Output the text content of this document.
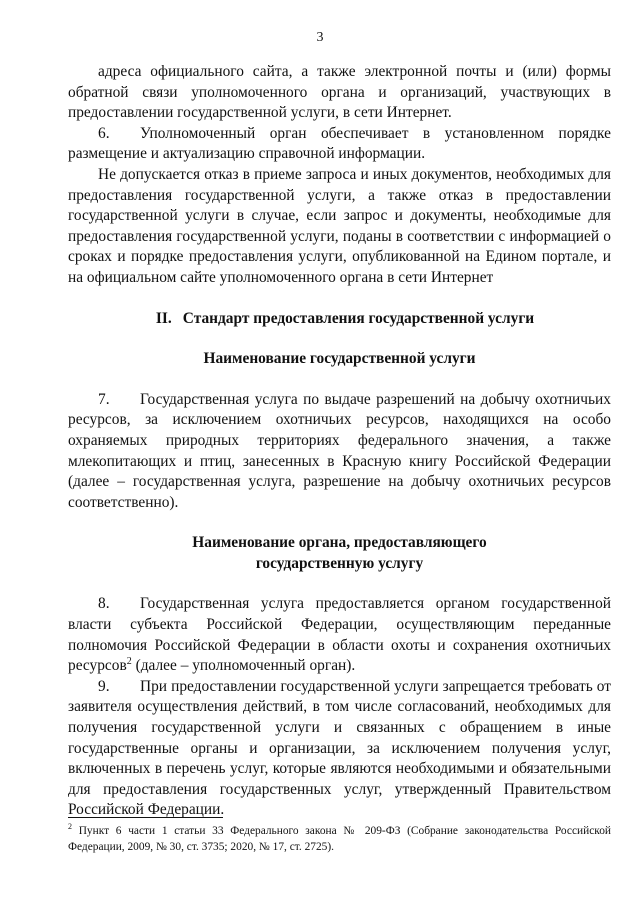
3

адреса официального сайта, а также электронной почты и (или) формы обратной связи уполномоченного органа и организаций, участвующих в предоставлении государственной услуги, в сети Интернет.

6. Уполномоченный орган обеспечивает в установленном порядке размещение и актуализацию справочной информации.

Не допускается отказ в приеме запроса и иных документов, необходимых для предоставления государственной услуги, а также отказ в предоставлении государственной услуги в случае, если запрос и документы, необходимые для предоставления государственной услуги, поданы в соответствии с информацией о сроках и порядке предоставления услуги, опубликованной на Едином портале, и на официальном сайте уполномоченного органа в сети Интернет

II. Стандарт предоставления государственной услуги

Наименование государственной услуги

7. Государственная услуга по выдаче разрешений на добычу охотничьих ресурсов, за исключением охотничьих ресурсов, находящихся на особо охраняемых природных территориях федерального значения, а также млекопитающих и птиц, занесенных в Красную книгу Российской Федерации (далее – государственная услуга, разрешение на добычу охотничьих ресурсов соответственно).

Наименование органа, предоставляющего

государственную услугу

8. Государственная услуга предоставляется органом государственной власти субъекта Российской Федерации, осуществляющим переданные полномочия Российской Федерации в области охоты и сохранения охотничьих ресурсов$^2$ (далее – уполномоченный орган).

9. При предоставлении государственной услуги запрещается требовать от заявителя осуществления действий, в том числе согласований, необходимых для получения государственной услуги и связанных с обращением в иные государственные органы и организации, за исключением получения услуг, включенных в перечень услуг, которые являются необходимыми и обязательными для предоставления государственных услуг, утвержденный Правительством Российской Федерации.

$^2$ Пункт 6 части 1 статьи 33 Федерального закона № 209-ФЗ (Собрание законодательства Российской Федерации, 2009, № 30, ст. 3735; 2020, № 17, ст. 2725).
